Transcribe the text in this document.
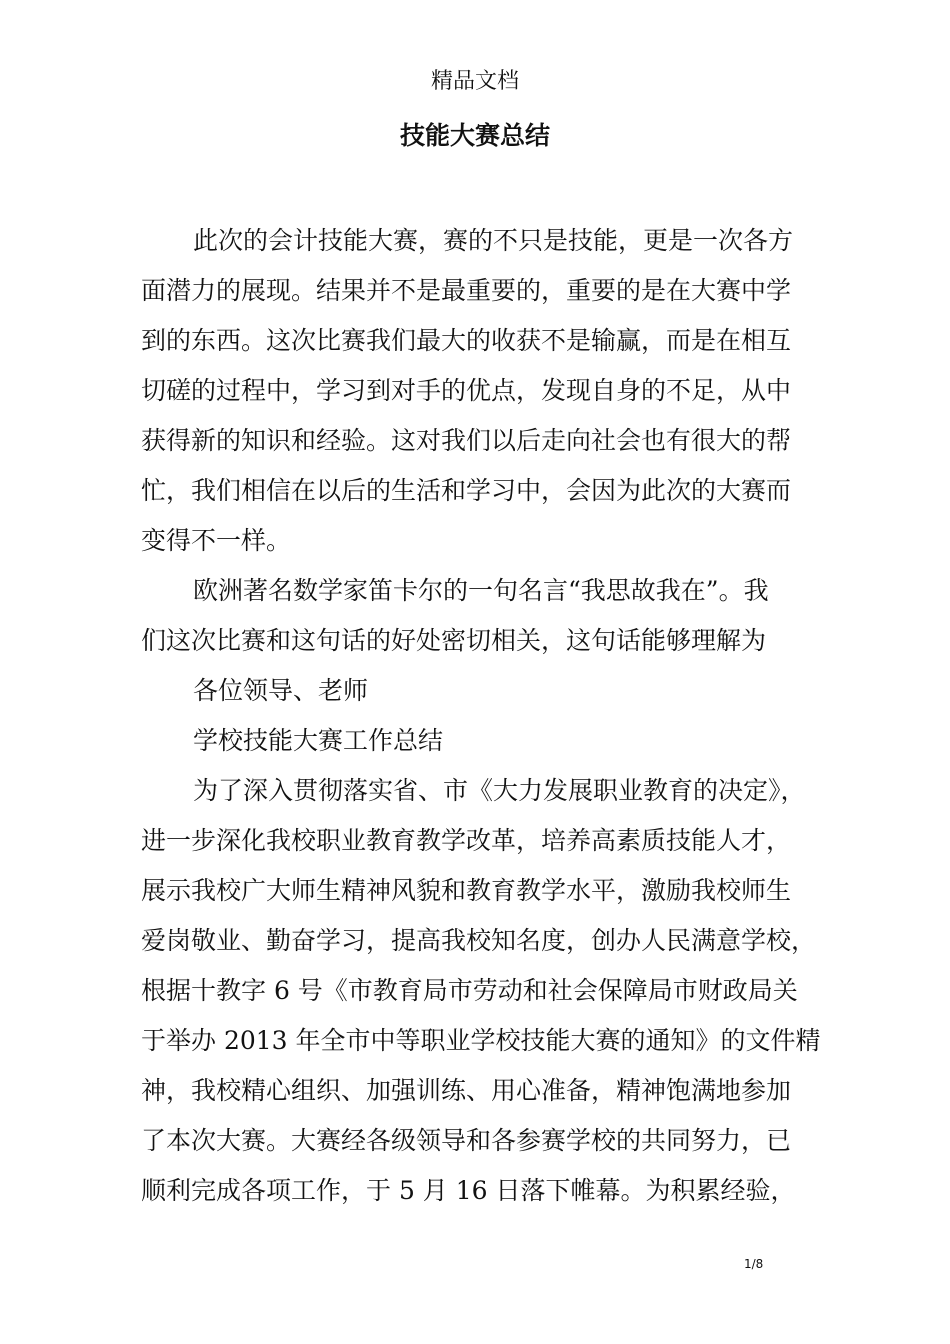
精品文档
技能大赛总结
此次的会计技能大赛，赛的不只是技能，更是一次各方
面潜力的展现。结果并不是最重要的，重要的是在大赛中学
到的东西。这次比赛我们最大的收获不是输赢，而是在相互
切磋的过程中，学习到对手的优点，发现自身的不足，从中
获得新的知识和经验。这对我们以后走向社会也有很大的帮
忙，我们相信在以后的生活和学习中，会因为此次的大赛而
变得不一样。
欧洲著名数学家笛卡尔的一句名言“我思故我在”。我
们这次比赛和这句话的好处密切相关，这句话能够理解为
各位领导、老师
学校技能大赛工作总结
为了深入贯彻落实省、市《大力发展职业教育的决定》，
进一步深化我校职业教育教学改革，培养高素质技能人才，
展示我校广大师生精神风貌和教育教学水平，激励我校师生
爱岗敬业、勤奋学习，提高我校知名度，创办人民满意学校，
根据十教字 6 号《市教育局市劳动和社会保障局市财政局关
于举办 2013 年全市中等职业学校技能大赛的通知》的文件精
神，我校精心组织、加强训练、用心准备，精神饱满地参加
了本次大赛。大赛经各级领导和各参赛学校的共同努力，已
顺利完成各项工作，于 5 月 16 日落下帷幕。为积累经验，
1/8
